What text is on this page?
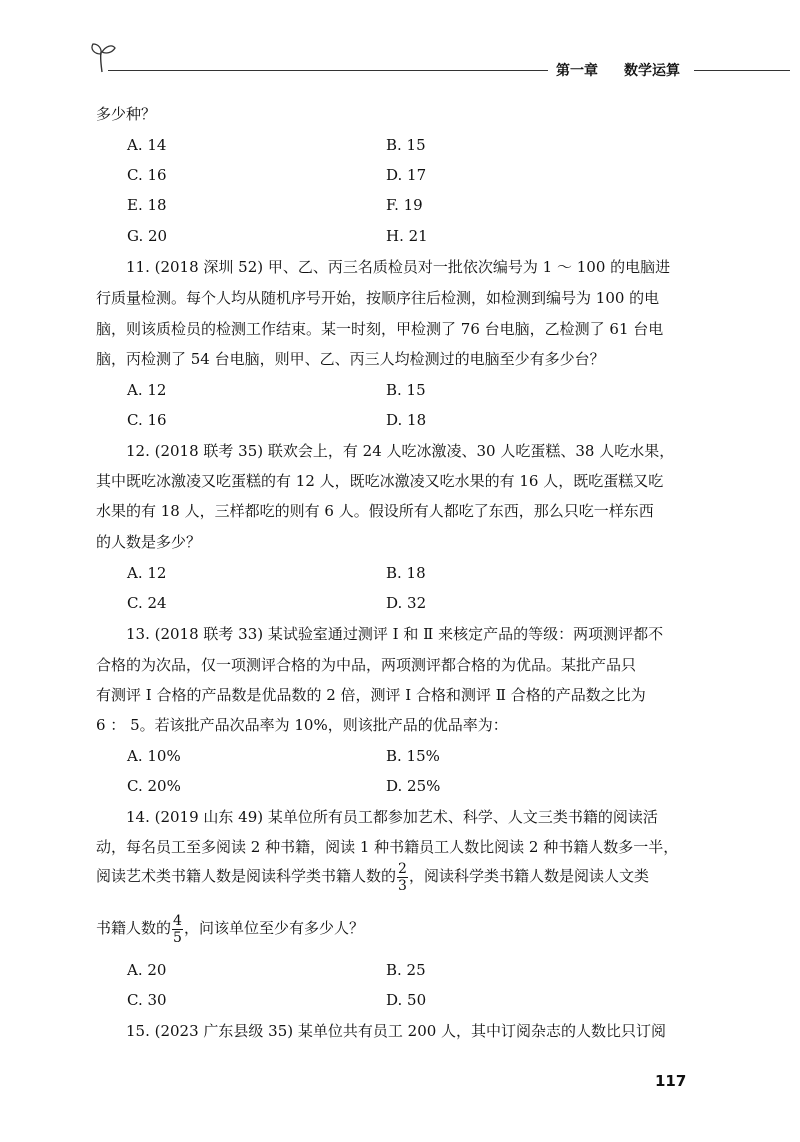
第一章 数学运算
多少种？
A. 14	B. 15
C. 16	D. 17
E. 18	F. 19
G. 20	H. 21
11. (2018 深圳 52) 甲、乙、丙三名质检员对一批依次编号为 1 ～ 100 的电脑进
行质量检测。每个人均从随机序号开始，按顺序往后检测，如检测到编号为 100 的电
脑，则该质检员的检测工作结束。某一时刻，甲检测了 76 台电脑，乙检测了 61 台电
脑，丙检测了 54 台电脑，则甲、乙、丙三人均检测过的电脑至少有多少台？
A. 12	B. 15
C. 16	D. 18
12. (2018 联考 35) 联欢会上，有 24 人吃冰激凌、30 人吃蛋糕、38 人吃水果，
其中既吃冰激凌又吃蛋糕的有 12 人，既吃冰激凌又吃水果的有 16 人，既吃蛋糕又吃
水果的有 18 人，三样都吃的则有 6 人。假设所有人都吃了东西，那么只吃一样东西
的人数是多少？
A. 12	B. 18
C. 24	D. 32
13. (2018 联考 33) 某试验室通过测评 Ⅰ 和 Ⅱ 来核定产品的等级：两项测评都不
合格的为次品，仅一项测评合格的为中品，两项测评都合格的为优品。某批产品只
有测评 Ⅰ 合格的产品数是优品数的 2 倍，测评 Ⅰ 合格和测评 Ⅱ 合格的产品数之比为
6 ： 5。若该批产品次品率为 10%，则该批产品的优品率为：
A. 10%	B. 15%
C. 20%	D. 25%
14. (2019 山东 49) 某单位所有员工都参加艺术、科学、人文三类书籍的阅读活
动，每名员工至多阅读 2 种书籍，阅读 1 种书籍员工人数比阅读 2 种书籍人数多一半，
阅读艺术类书籍人数是阅读科学类书籍人数的 $\frac{2}{3}$ ，阅读科学类书籍人数是阅读人文类
书籍人数的 $\frac{4}{5}$ ，问该单位至少有多少人？
A. 20	B. 25
C. 30	D. 50
15. (2023 广东县级 35) 某单位共有员工 200 人，其中订阅杂志的人数比只订阅
117
